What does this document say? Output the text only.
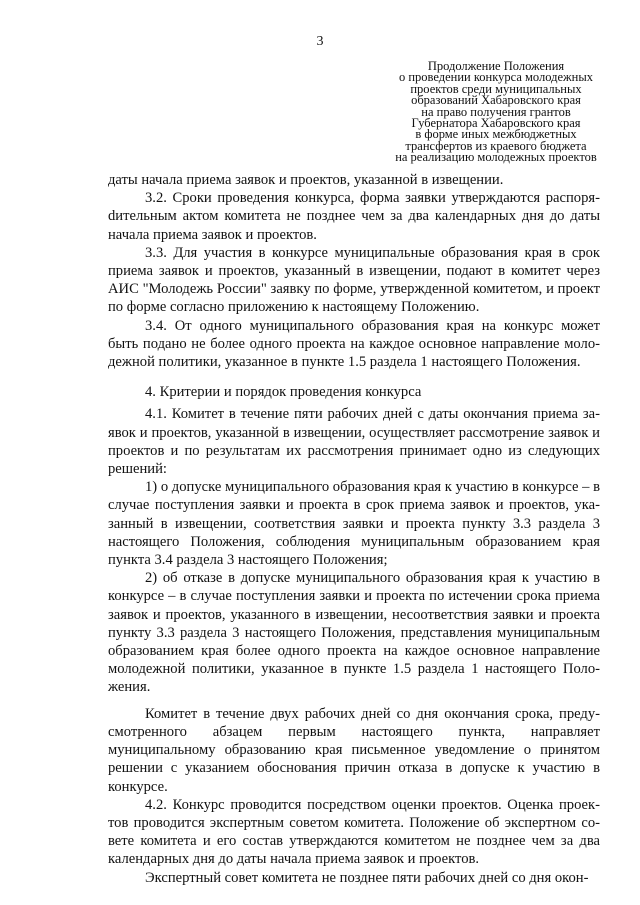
3
Продолжение Положения
о проведении конкурса молодежных
проектов среди муниципальных
образований Хабаровского края
на право получения грантов
Губернатора Хабаровского края
в форме иных межбюджетных
трансфертов из краевого бюджета
на реализацию молодежных проектов

даты начала приема заявок и проектов, указанной в извещении.

3.2. Сроки проведения конкурса, форма заявки утверждаются распоряdительным актом комитета не позднее чем за два календарных дня до даты начала приема заявок и проектов.

3.3. Для участия в конкурсе муниципальные образования края в срок приема заявок и проектов, указанный в извещении, подают в комитет через АИС "Молодежь России" заявку по форме, утвержденной комитетом, и проект по форме согласно приложению к настоящему Положению.

3.4. От одного муниципального образования края на конкурс может быть подано не более одного проекта на каждое основное направление молодежной политики, указанное в пункте 1.5 раздела 1 настоящего Положения.

4. Критерии и порядок проведения конкурса

4.1. Комитет в течение пяти рабочих дней с даты окончания приема заявок и проектов, указанной в извещении, осуществляет рассмотрение заявок и проектов и по результатам их рассмотрения принимает одно из следующих решений:

1) о допуске муниципального образования края к участию в конкурсе – в случае поступления заявки и проекта в срок приема заявок и проектов, указанный в извещении, соответствия заявки и проекта пункту 3.3 раздела 3 настоящего Положения, соблюдения муниципальным образованием края пункта 3.4 раздела 3 настоящего Положения;

2) об отказе в допуске муниципального образования края к участию в конкурсе – в случае поступления заявки и проекта по истечении срока приема заявок и проектов, указанного в извещении, несоответствия заявки и проекта пункту 3.3 раздела 3 настоящего Положения, представления муниципальным образованием края более одного проекта на каждое основное направление молодежной политики, указанное в пункте 1.5 раздела 1 настоящего Положения.

Комитет в течение двух рабочих дней со дня окончания срока, предусмотренного абзацем первым настоящего пункта, направляет муниципальному образованию края письменное уведомление о принятом решении с указанием обоснования причин отказа в допуске к участию в конкурсе.

4.2. Конкурс проводится посредством оценки проектов. Оценка проектов проводится экспертным советом комитета. Положение об экспертном совете комитета и его состав утверждаются комитетом не позднее чем за два календарных дня до даты начала приема заявок и проектов.

Экспертный совет комитета не позднее пяти рабочих дней со дня окон-
